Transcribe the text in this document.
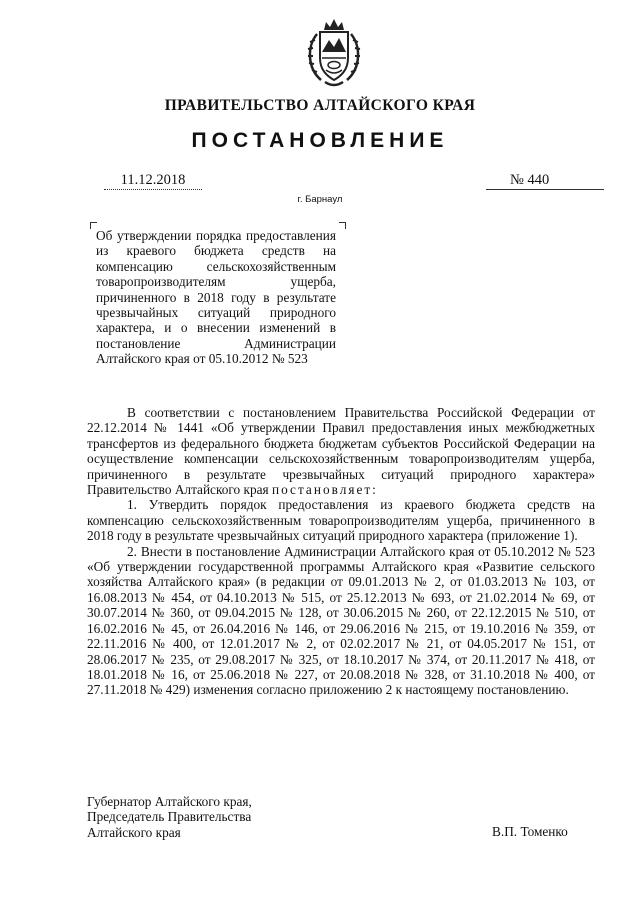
ПРАВИТЕЛЬСТВО АЛТАЙСКОГО КРАЯ
ПОСТАНОВЛЕНИЕ
11.12.2018	№ 440
г. Барнаул
Об утверждении порядка предоставления из краевого бюджета средств на компенсацию сельскохозяйственным товаропроизводителям ущерба, причиненного в 2018 году в результате чрезвычайных ситуаций природного характера, и о внесении изменений в постановление Администрации Алтайского края от 05.10.2012 № 523

В соответствии с постановлением Правительства Российской Федерации от 22.12.2014 № 1441 «Об утверждении Правил предоставления иных межбюджетных трансфертов из федерального бюджета бюджетам субъектов Российской Федерации на осуществление компенсации сельскохозяйственным товаропроизводителям ущерба, причиненного в результате чрезвычайных ситуаций природного характера» Правительство Алтайского края постановляет:

1. Утвердить порядок предоставления из краевого бюджета средств на компенсацию сельскохозяйственным товаропроизводителям ущерба, причиненного в 2018 году в результате чрезвычайных ситуаций природного характера (приложение 1).

2. Внести в постановление Администрации Алтайского края от 05.10.2012 № 523 «Об утверждении государственной программы Алтайского края «Развитие сельского хозяйства Алтайского края» (в редакции от 09.01.2013 № 2, от 01.03.2013 № 103, от 16.08.2013 № 454, от 04.10.2013 № 515, от 25.12.2013 № 693, от 21.02.2014 № 69, от 30.07.2014 № 360, от 09.04.2015 № 128, от 30.06.2015 № 260, от 22.12.2015 № 510, от 16.02.2016 № 45, от 26.04.2016 № 146, от 29.06.2016 № 215, от 19.10.2016 № 359, от 22.11.2016 № 400, от 12.01.2017 № 2, от 02.02.2017 № 21, от 04.05.2017 № 151, от 28.06.2017 № 235, от 29.08.2017 № 325, от 18.10.2017 № 374, от 20.11.2017 № 418, от 18.01.2018 № 16, от 25.06.2018 № 227, от 20.08.2018 № 328, от 31.10.2018 № 400, от 27.11.2018 № 429) изменения согласно приложению 2 к настоящему постановлению.

Губернатор Алтайского края,
Председатель Правительства
Алтайского края	В.П. Томенко
